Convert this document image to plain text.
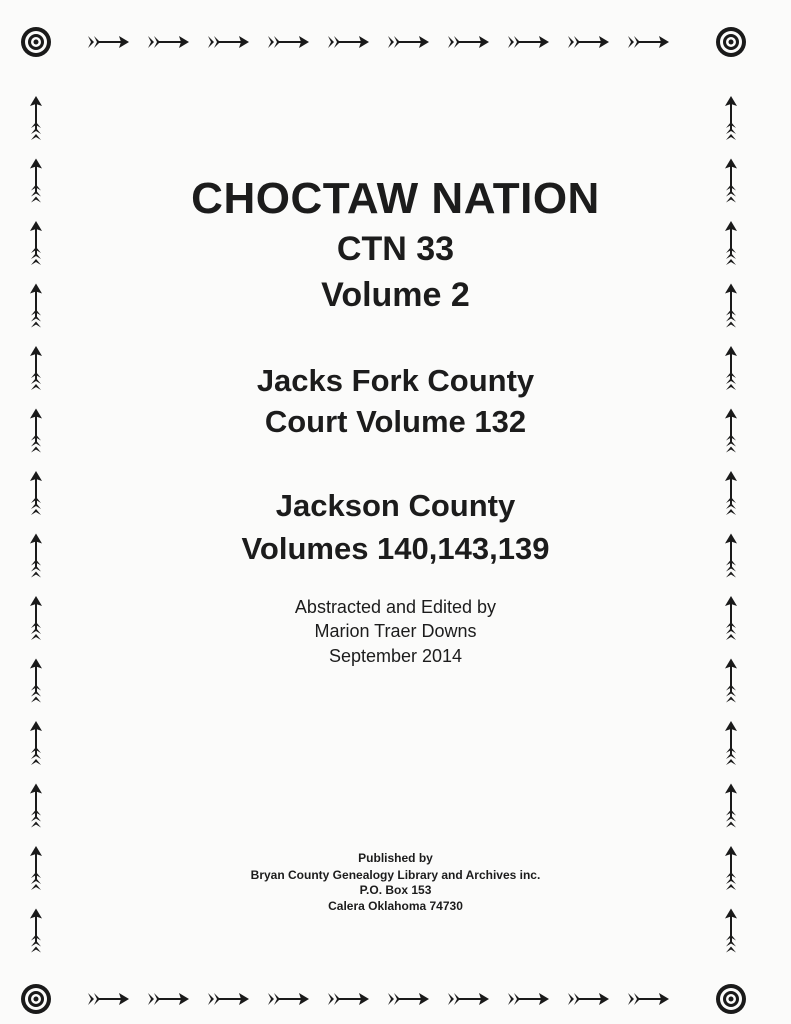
CHOCTAW NATION
CTN 33
Volume 2
Jacks Fork County
Court Volume 132
Jackson County
Volumes 140,143,139
Abstracted and Edited by
Marion Traer Downs
September 2014
Published by
Bryan County Genealogy Library and Archives inc.
P.O. Box 153
Calera Oklahoma 74730
